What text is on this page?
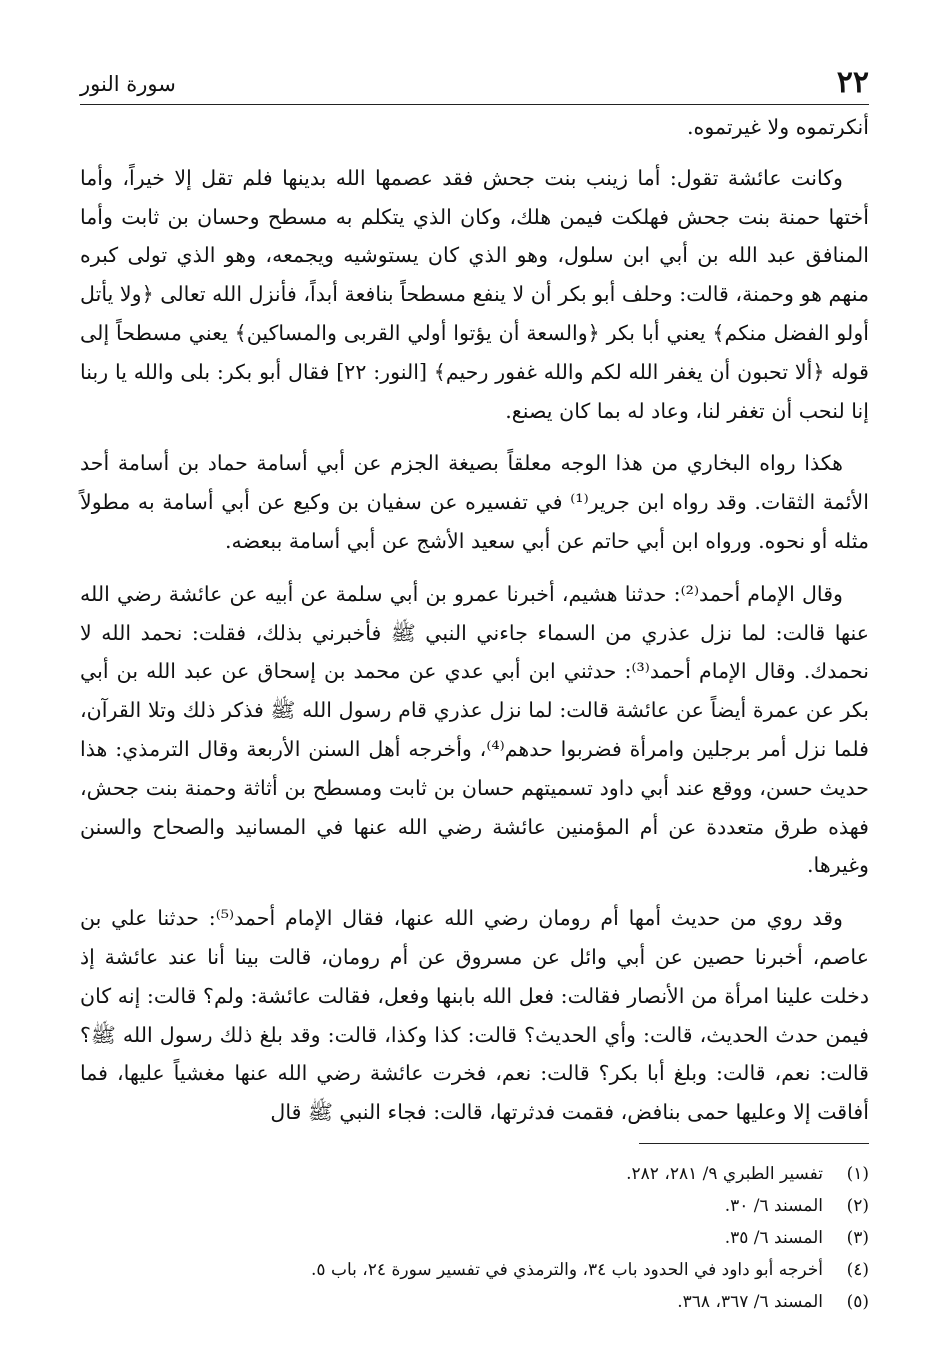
٢٢
سورة النور

أنكرتموه ولا غيرتموه.

وكانت عائشة تقول: أما زينب بنت جحش فقد عصمها الله بدينها فلم تقل إلا خيراً، وأما أختها حمنة بنت جحش فهلكت فيمن هلك، وكان الذي يتكلم به مسطح وحسان بن ثابت وأما المنافق عبد الله بن أبي ابن سلول، وهو الذي كان يستوشيه ويجمعه، وهو الذي تولى كبره منهم هو وحمنة، قالت: وحلف أبو بكر أن لا ينفع مسطحاً بنافعة أبداً، فأنزل الله تعالى ﴿ولا يأتل أولو الفضل منكم﴾ يعني أبا بكر ﴿والسعة أن يؤتوا أولي القربى والمساكين﴾ يعني مسطحاً إلى قوله ﴿ألا تحبون أن يغفر الله لكم والله غفور رحيم﴾ [النور: ٢٢] فقال أبو بكر: بلى والله يا ربنا إنا لنحب أن تغفر لنا، وعاد له بما كان يصنع.

هكذا رواه البخاري من هذا الوجه معلقاً بصيغة الجزم عن أبي أسامة حماد بن أسامة أحد الأئمة الثقات. وقد رواه ابن جرير⁽¹⁾ في تفسيره عن سفيان بن وكيع عن أبي أسامة به مطولاً مثله أو نحوه. ورواه ابن أبي حاتم عن أبي سعيد الأشج عن أبي أسامة ببعضه.

وقال الإمام أحمد⁽²⁾: حدثنا هشيم، أخبرنا عمرو بن أبي سلمة عن أبيه عن عائشة رضي الله عنها قالت: لما نزل عذري من السماء جاءني النبي ﷺ فأخبرني بذلك، فقلت: نحمد الله لا نحمدك. وقال الإمام أحمد⁽³⁾: حدثني ابن أبي عدي عن محمد بن إسحاق عن عبد الله بن أبي بكر عن عمرة أيضاً عن عائشة قالت: لما نزل عذري قام رسول الله ﷺ فذكر ذلك وتلا القرآن، فلما نزل أمر برجلين وامرأة فضربوا حدهم⁽⁴⁾، وأخرجه أهل السنن الأربعة وقال الترمذي: هذا حديث حسن، ووقع عند أبي داود تسميتهم حسان بن ثابت ومسطح بن أثاثة وحمنة بنت جحش، فهذه طرق متعددة عن أم المؤمنين عائشة رضي الله عنها في المسانيد والصحاح والسنن وغيرها.

وقد روي من حديث أمها أم رومان رضي الله عنها، فقال الإمام أحمد⁽⁵⁾: حدثنا علي بن عاصم، أخبرنا حصين عن أبي وائل عن مسروق عن أم رومان، قالت بينا أنا عند عائشة إذ دخلت علينا امرأة من الأنصار فقالت: فعل الله بابنها وفعل، فقالت عائشة: ولم؟ قالت: إنه كان فيمن حدث الحديث، قالت: وأي الحديث؟ قالت: كذا وكذا، قالت: وقد بلغ ذلك رسول الله ﷺ؟ قالت: نعم، قالت: وبلغ أبا بكر؟ قالت: نعم، فخرت عائشة رضي الله عنها مغشياً عليها، فما أفاقت إلا وعليها حمى بنافض، فقمت فدثرتها، قالت: فجاء النبي ﷺ قال

(١)
تفسير الطبري ٩/ ٢٨١، ٢٨٢.
(٢)
المسند ٦/ ٣٠.
(٣)
المسند ٦/ ٣٥.
(٤)
أخرجه أبو داود في الحدود باب ٣٤، والترمذي في تفسير سورة ٢٤، باب ٥.
(٥)
المسند ٦/ ٣٦٧، ٣٦٨.
